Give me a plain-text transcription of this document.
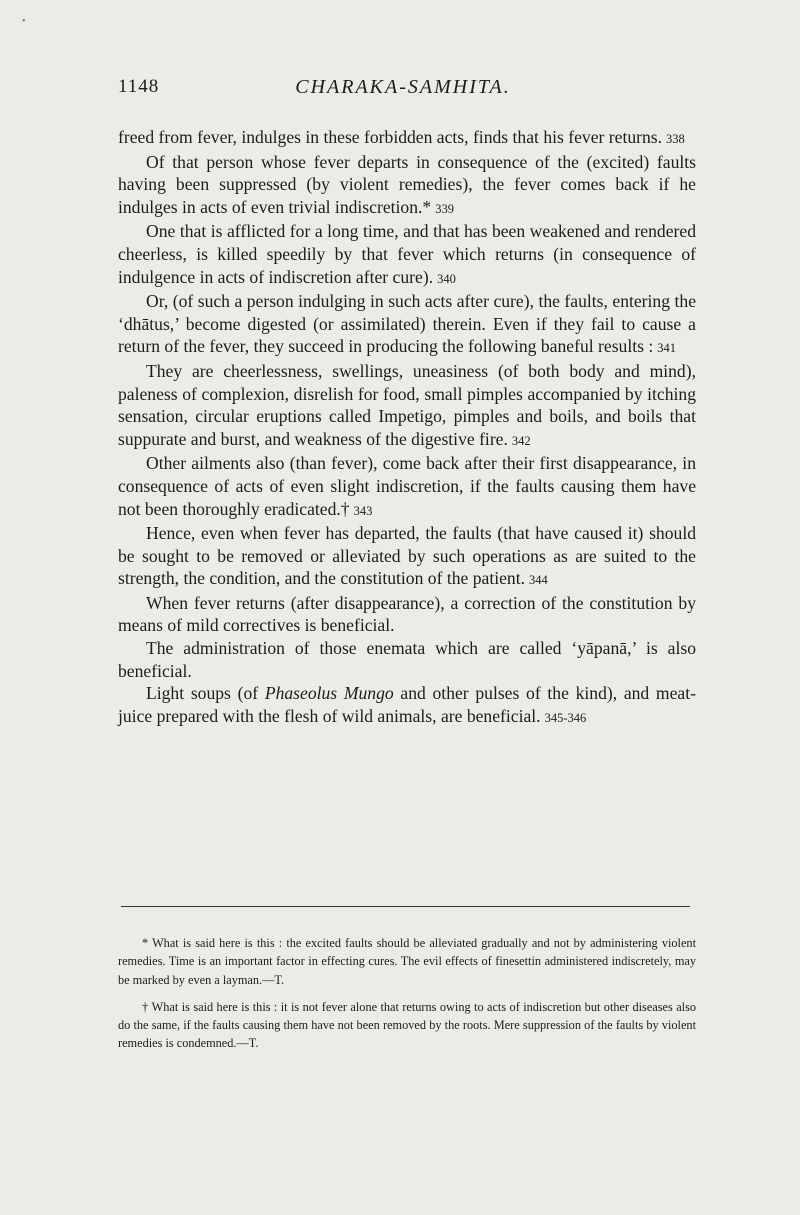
•
1148	CHARAKA-SAMHITA.

freed from fever, indulges in these forbidden acts, finds that his fever returns. 338

Of that person whose fever departs in consequence of the (excited) faults having been suppressed (by violent remedies), the fever comes back if he indulges in acts of even trivial indiscretion.* 339

One that is afflicted for a long time, and that has been weakened and rendered cheerless, is killed speedily by that fever which returns (in consequence of indulgence in acts of indiscretion after cure). 340

Or, (of such a person indulging in such acts after cure), the faults, entering the ‘dhātus,’ become digested (or assimilated) therein. Even if they fail to cause a return of the fever, they succeed in producing the following baneful results : 341

They are cheerlessness, swellings, uneasiness (of both body and mind), paleness of complexion, disrelish for food, small pimples accompanied by itching sensation, circular eruptions called Impetigo, pimples and boils, and boils that suppurate and burst, and weakness of the digestive fire. 342

Other ailments also (than fever), come back after their first disappearance, in consequence of acts of even slight indiscretion, if the faults causing them have not been thoroughly eradicated.† 343

Hence, even when fever has departed, the faults (that have caused it) should be sought to be removed or alleviated by such operations as are suited to the strength, the condition, and the constitution of the patient. 344

When fever returns (after disappearance), a correction of the constitution by means of mild correctives is beneficial.

The administration of those enemata which are called ‘yāpanā,’ is also beneficial.

Light soups (of Phaseolus Mungo and other pulses of the kind), and meat-juice prepared with the flesh of wild animals, are beneficial. 345-346

* What is said here is this : the excited faults should be alleviated gradually and not by administering violent remedies. Time is an important factor in effecting cures. The evil effects of finesettin administered indiscretely, may be marked by even a layman.—T.

† What is said here is this : it is not fever alone that returns owing to acts of indiscretion but other diseases also do the same, if the faults causing them have not been removed by the roots. Mere suppression of the faults by violent remedies is condemned.—T.
